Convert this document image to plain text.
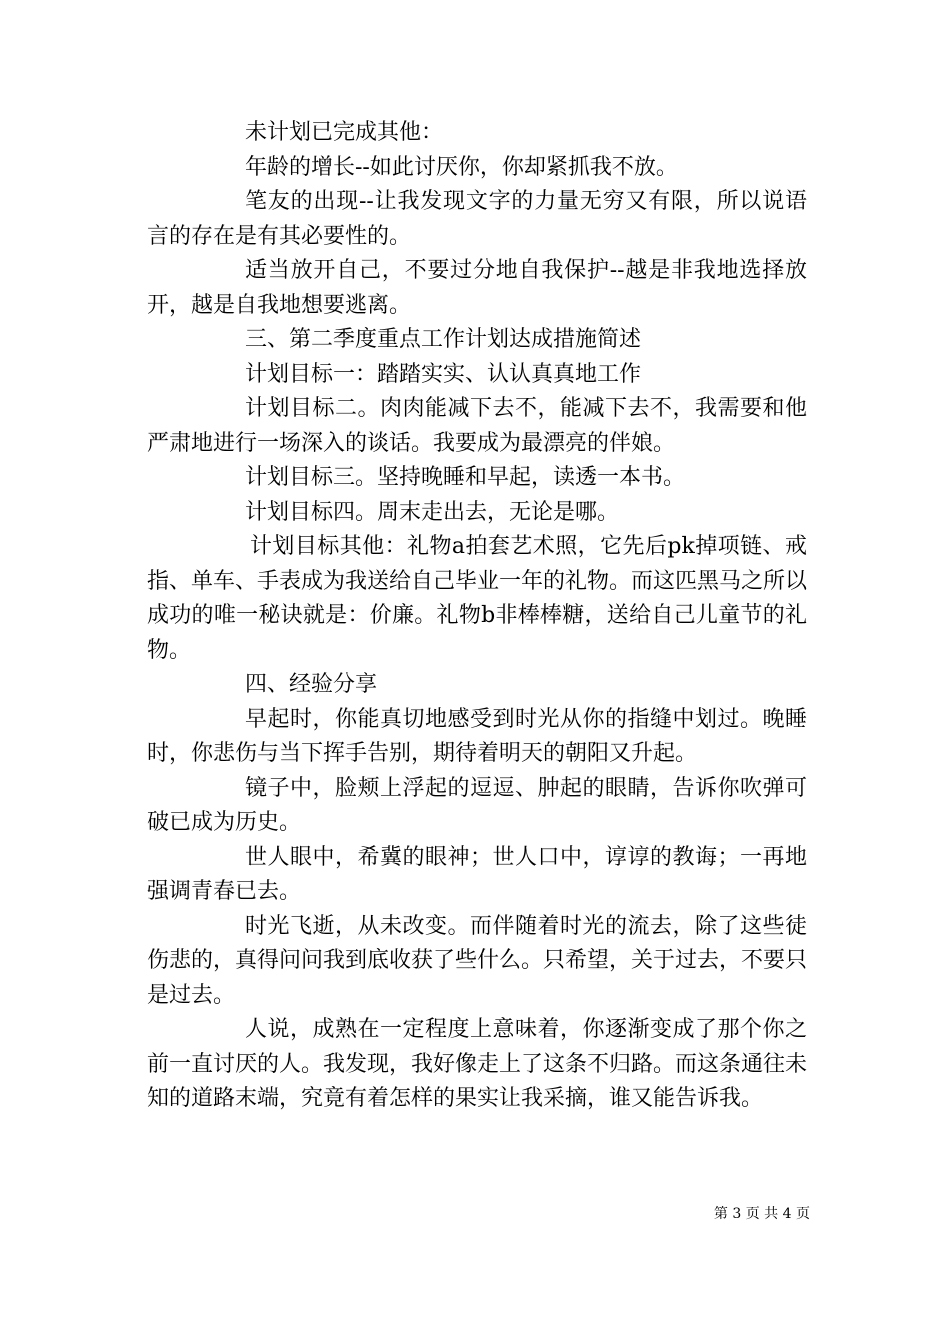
未计划已完成其他：

年龄的增长--如此讨厌你，你却紧抓我不放。

笔友的出现--让我发现文字的力量无穷又有限，所以说语言的存在是有其必要性的。

适当放开自己，不要过分地自我保护--越是非我地选择放开，越是自我地想要逃离。

三、第二季度重点工作计划达成措施简述

计划目标一：踏踏实实、认认真真地工作

计划目标二。肉肉能减下去不，能减下去不，我需要和他严肃地进行一场深入的谈话。我要成为最漂亮的伴娘。

计划目标三。坚持晚睡和早起，读透一本书。

计划目标四。周末走出去，无论是哪。

计划目标其他：礼物a拍套艺术照，它先后pk掉项链、戒指、单车、手表成为我送给自己毕业一年的礼物。而这匹黑马之所以成功的唯一秘诀就是：价廉。礼物b非棒棒糖，送给自己儿童节的礼物。

四、经验分享

早起时，你能真切地感受到时光从你的指缝中划过。晚睡时，你悲伤与当下挥手告别，期待着明天的朝阳又升起。

镜子中，脸颊上浮起的逗逗、肿起的眼睛，告诉你吹弹可破已成为历史。

世人眼中，希冀的眼神；世人口中，谆谆的教诲；一再地强调青春已去。

时光飞逝，从未改变。而伴随着时光的流去，除了这些徒伤悲的，真得问问我到底收获了些什么。只希望，关于过去，不要只是过去。

人说，成熟在一定程度上意味着，你逐渐变成了那个你之前一直讨厌的人。我发现，我好像走上了这条不归路。而这条通往未知的道路末端，究竟有着怎样的果实让我采摘，谁又能告诉我。

第 3 页 共 4 页
